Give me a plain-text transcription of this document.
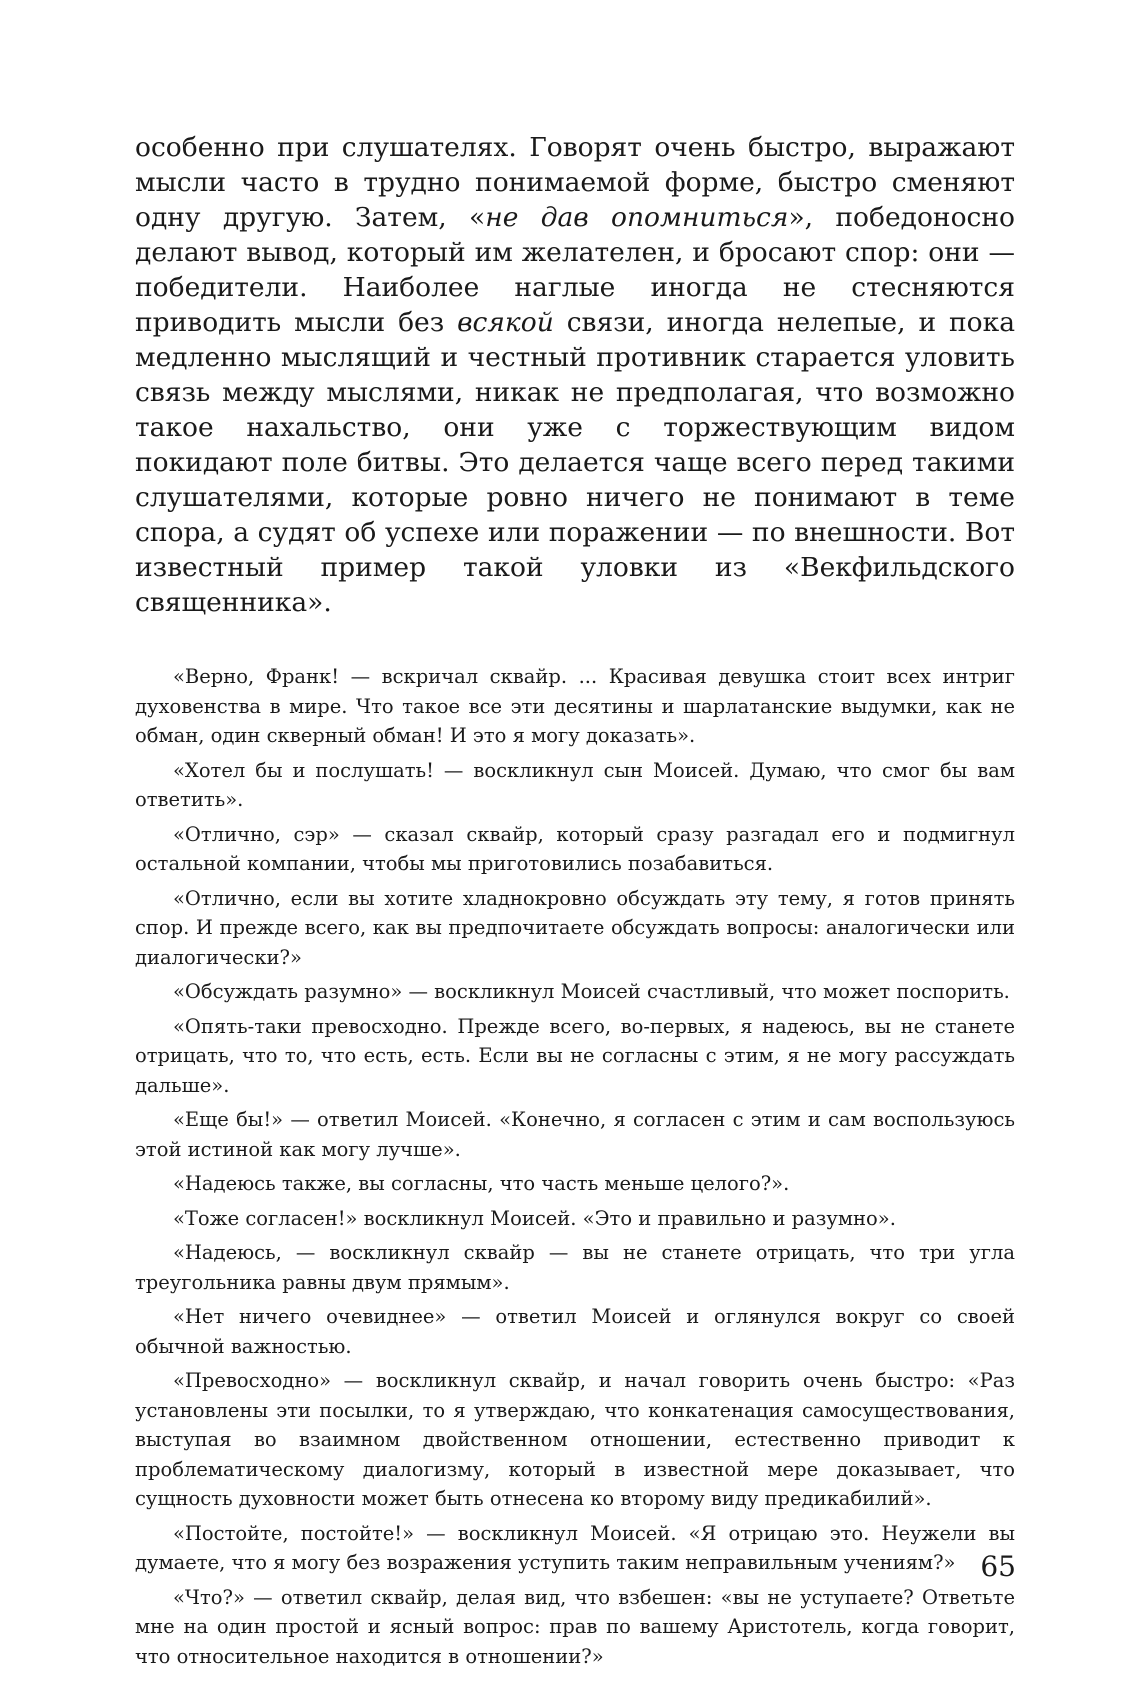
особенно при слушателях. Говорят очень быстро, выражают мысли часто в трудно понимаемой форме, быстро сменяют одну другую. Затем, «не дав опомниться», победоносно делают вывод, который им желателен, и бросают спор: они — победители. Наиболее наглые иногда не стесняются приводить мысли без всякой связи, иногда нелепые, и пока медленно мыслящий и честный противник старается уловить связь между мыслями, никак не предполагая, что возможно такое нахальство, они уже с торжествующим видом покидают поле битвы. Это делается чаще всего перед такими слушателями, которые ровно ничего не понимают в теме спора, а судят об успехе или поражении — по внешности. Вот известный пример такой уловки из «Векфильдского священника».

«Верно, Франк! — вскричал сквайр. ... Красивая девушка стоит всех интриг духовенства в мире. Что такое все эти десятины и шарлатанские выдумки, как не обман, один скверный обман! И это я могу доказать».

«Хотел бы и послушать! — воскликнул сын Моисей. Думаю, что смог бы вам ответить».

«Отлично, сэр» — сказал сквайр, который сразу разгадал его и подмигнул остальной компании, чтобы мы приготовились позабавиться.

«Отлично, если вы хотите хладнокровно обсуждать эту тему, я готов принять спор. И прежде всего, как вы предпочитаете обсуждать вопросы: аналогически или диалогически?»

«Обсуждать разумно» — воскликнул Моисей счастливый, что может поспорить.

«Опять-таки превосходно. Прежде всего, во-первых, я надеюсь, вы не станете отрицать, что то, что есть, есть. Если вы не согласны с этим, я не могу рассуждать дальше».

«Еще бы!» — ответил Моисей. «Конечно, я согласен с этим и сам воспользуюсь этой истиной как могу лучше».

«Надеюсь также, вы согласны, что часть меньше целого?».

«Тоже согласен!» воскликнул Моисей. «Это и правильно и разумно».

«Надеюсь, — воскликнул сквайр — вы не станете отрицать, что три угла треугольника равны двум прямым».

«Нет ничего очевиднее» — ответил Моисей и оглянулся вокруг со своей обычной важностью.

«Превосходно» — воскликнул сквайр, и начал говорить очень быстро: «Раз установлены эти посылки, то я утверждаю, что конкатенация самосуществования, выступая во взаимном двойственном отношении, естественно приводит к проблематическому диалогизму, который в известной мере доказывает, что сущность духовности может быть отнесена ко второму виду предикабилий».

«Постойте, постойте!» — воскликнул Моисей. «Я отрицаю это. Неужели вы думаете, что я могу без возражения уступить таким неправильным учениям?»

«Что?» — ответил сквайр, делая вид, что взбешен: «вы не уступаете? Ответьте мне на один простой и ясный вопрос: прав по вашему Аристотель, когда говорит, что относительное находится в отношении?»

65
